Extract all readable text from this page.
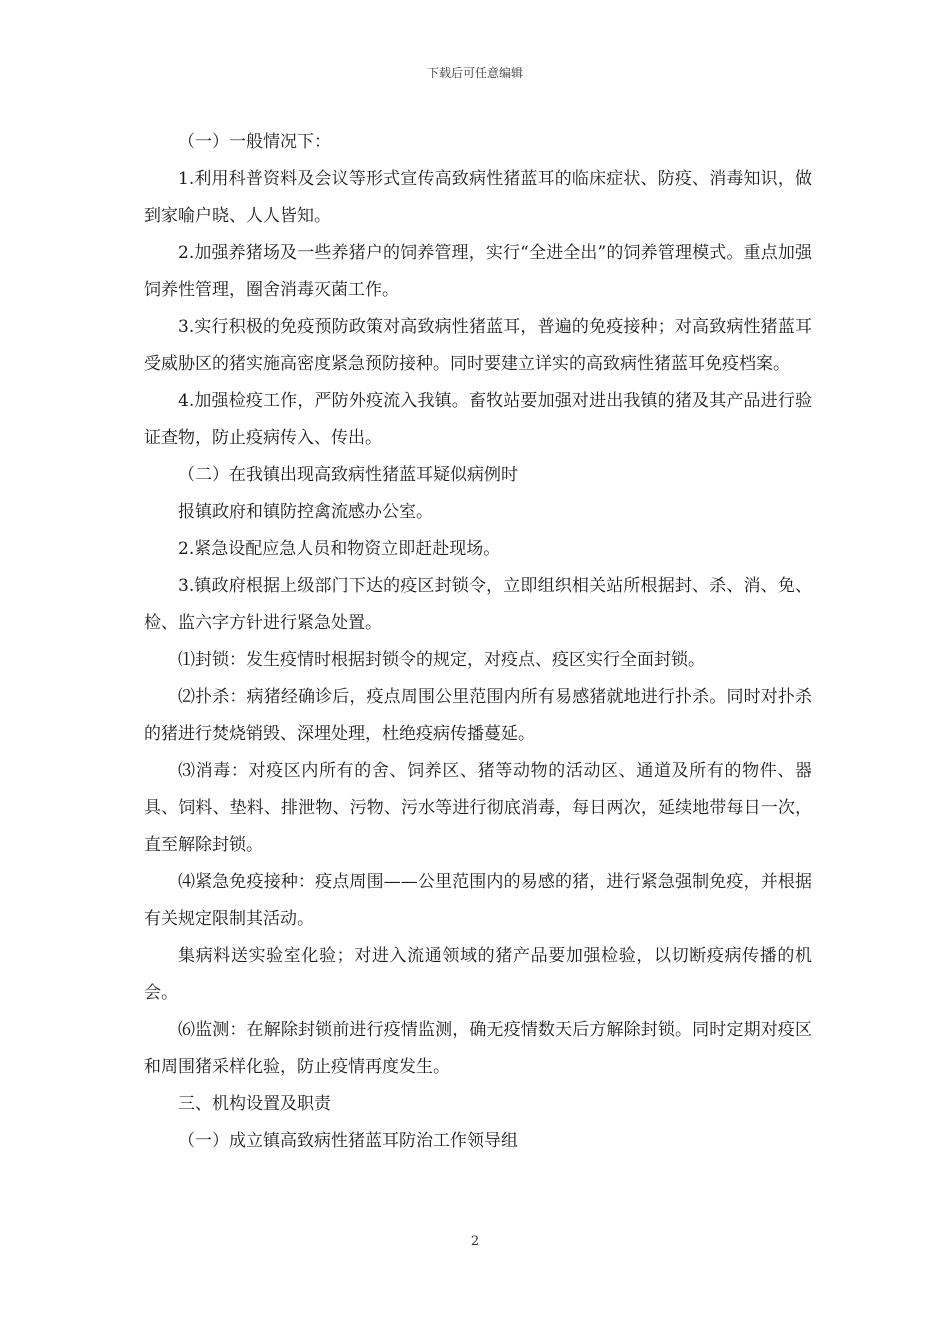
下载后可任意编辑

（一）一般情况下：

1.利用科普资料及会议等形式宣传高致病性猪蓝耳的临床症状、防疫、消毒知识，做到家喻户晓、人人皆知。

2.加强养猪场及一些养猪户的饲养管理，实行“全进全出”的饲养管理模式。重点加强饲养性管理，圈舍消毒灭菌工作。

3.实行积极的免疫预防政策对高致病性猪蓝耳，普遍的免疫接种；对高致病性猪蓝耳受威胁区的猪实施高密度紧急预防接种。同时要建立详实的高致病性猪蓝耳免疫档案。

4.加强检疫工作，严防外疫流入我镇。畜牧站要加强对进出我镇的猪及其产品进行验证查物，防止疫病传入、传出。

（二）在我镇出现高致病性猪蓝耳疑似病例时

报镇政府和镇防控禽流感办公室。

2.紧急设配应急人员和物资立即赶赴现场。

3.镇政府根据上级部门下达的疫区封锁令，立即组织相关站所根据封、杀、消、免、检、监六字方针进行紧急处置。

⑴封锁：发生疫情时根据封锁令的规定，对疫点、疫区实行全面封锁。

⑵扑杀：病猪经确诊后，疫点周围公里范围内所有易感猪就地进行扑杀。同时对扑杀的猪进行焚烧销毁、深埋处理，杜绝疫病传播蔓延。

⑶消毒：对疫区内所有的舍、饲养区、猪等动物的活动区、通道及所有的物件、器具、饲料、垫料、排泄物、污物、污水等进行彻底消毒，每日两次，延续地带每日一次，直至解除封锁。

⑷紧急免疫接种：疫点周围——公里范围内的易感的猪，进行紧急强制免疫，并根据有关规定限制其活动。

集病料送实验室化验；对进入流通领域的猪产品要加强检验，以切断疫病传播的机会。

⑹监测：在解除封锁前进行疫情监测，确无疫情数天后方解除封锁。同时定期对疫区和周围猪采样化验，防止疫情再度发生。

三、机构设置及职责

（一）成立镇高致病性猪蓝耳防治工作领导组

2
